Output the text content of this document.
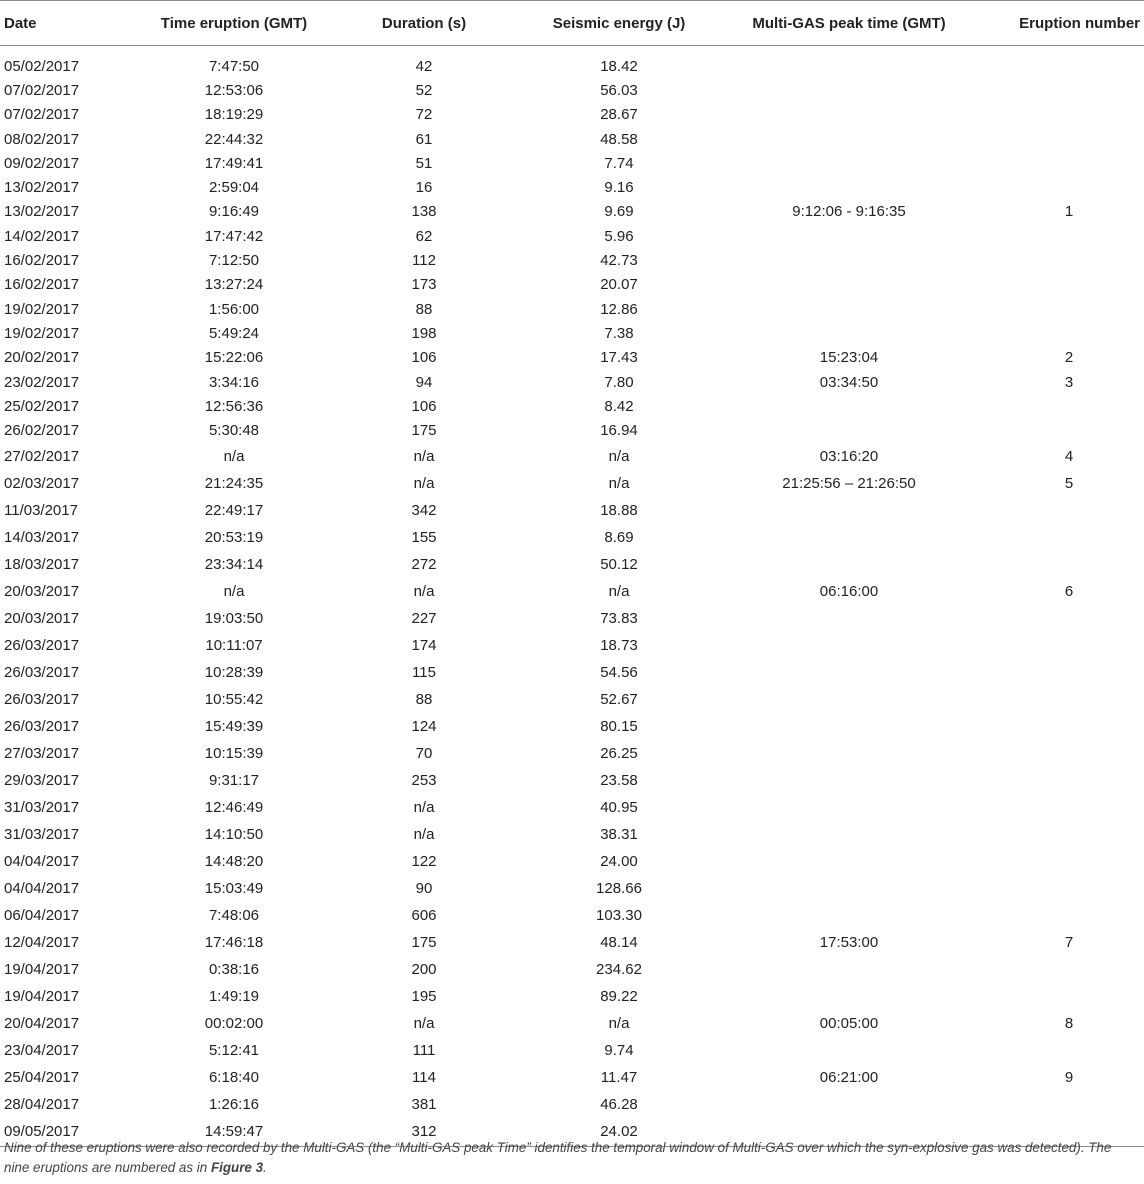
Date	Time eruption (GMT)	Duration (s)	Seismic energy (J)	Multi-GAS peak time (GMT)	Eruption number
05/02/2017	7:47:50	42	18.42		
07/02/2017	12:53:06	52	56.03		
07/02/2017	18:19:29	72	28.67		
08/02/2017	22:44:32	61	48.58		
09/02/2017	17:49:41	51	7.74		
13/02/2017	2:59:04	16	9.16		
13/02/2017	9:16:49	138	9.69	9:12:06 - 9:16:35	1
14/02/2017	17:47:42	62	5.96		
16/02/2017	7:12:50	112	42.73		
16/02/2017	13:27:24	173	20.07		
19/02/2017	1:56:00	88	12.86		
19/02/2017	5:49:24	198	7.38		
20/02/2017	15:22:06	106	17.43	15:23:04	2
23/02/2017	3:34:16	94	7.80	03:34:50	3
25/02/2017	12:56:36	106	8.42		
26/02/2017	5:30:48	175	16.94		
27/02/2017	n/a	n/a	n/a	03:16:20	4
02/03/2017	21:24:35	n/a	n/a	21:25:56 – 21:26:50	5
11/03/2017	22:49:17	342	18.88		
14/03/2017	20:53:19	155	8.69		
18/03/2017	23:34:14	272	50.12		
20/03/2017	n/a	n/a	n/a	06:16:00	6
20/03/2017	19:03:50	227	73.83		
26/03/2017	10:11:07	174	18.73		
26/03/2017	10:28:39	115	54.56		
26/03/2017	10:55:42	88	52.67		
26/03/2017	15:49:39	124	80.15		
27/03/2017	10:15:39	70	26.25		
29/03/2017	9:31:17	253	23.58		
31/03/2017	12:46:49	n/a	40.95		
31/03/2017	14:10:50	n/a	38.31		
04/04/2017	14:48:20	122	24.00		
04/04/2017	15:03:49	90	128.66		
06/04/2017	7:48:06	606	103.30		
12/04/2017	17:46:18	175	48.14	17:53:00	7
19/04/2017	0:38:16	200	234.62		
19/04/2017	1:49:19	195	89.22		
20/04/2017	00:02:00	n/a	n/a	00:05:00	8
23/04/2017	5:12:41	111	9.74		
25/04/2017	6:18:40	114	11.47	06:21:00	9
28/04/2017	1:26:16	381	46.28		
09/05/2017	14:59:47	312	24.02		
Nine of these eruptions were also recorded by the Multi-GAS (the “Multi-GAS peak Time” identifies the temporal window of Multi-GAS over which the syn-explosive gas was detected). The nine eruptions are numbered as in Figure 3.
